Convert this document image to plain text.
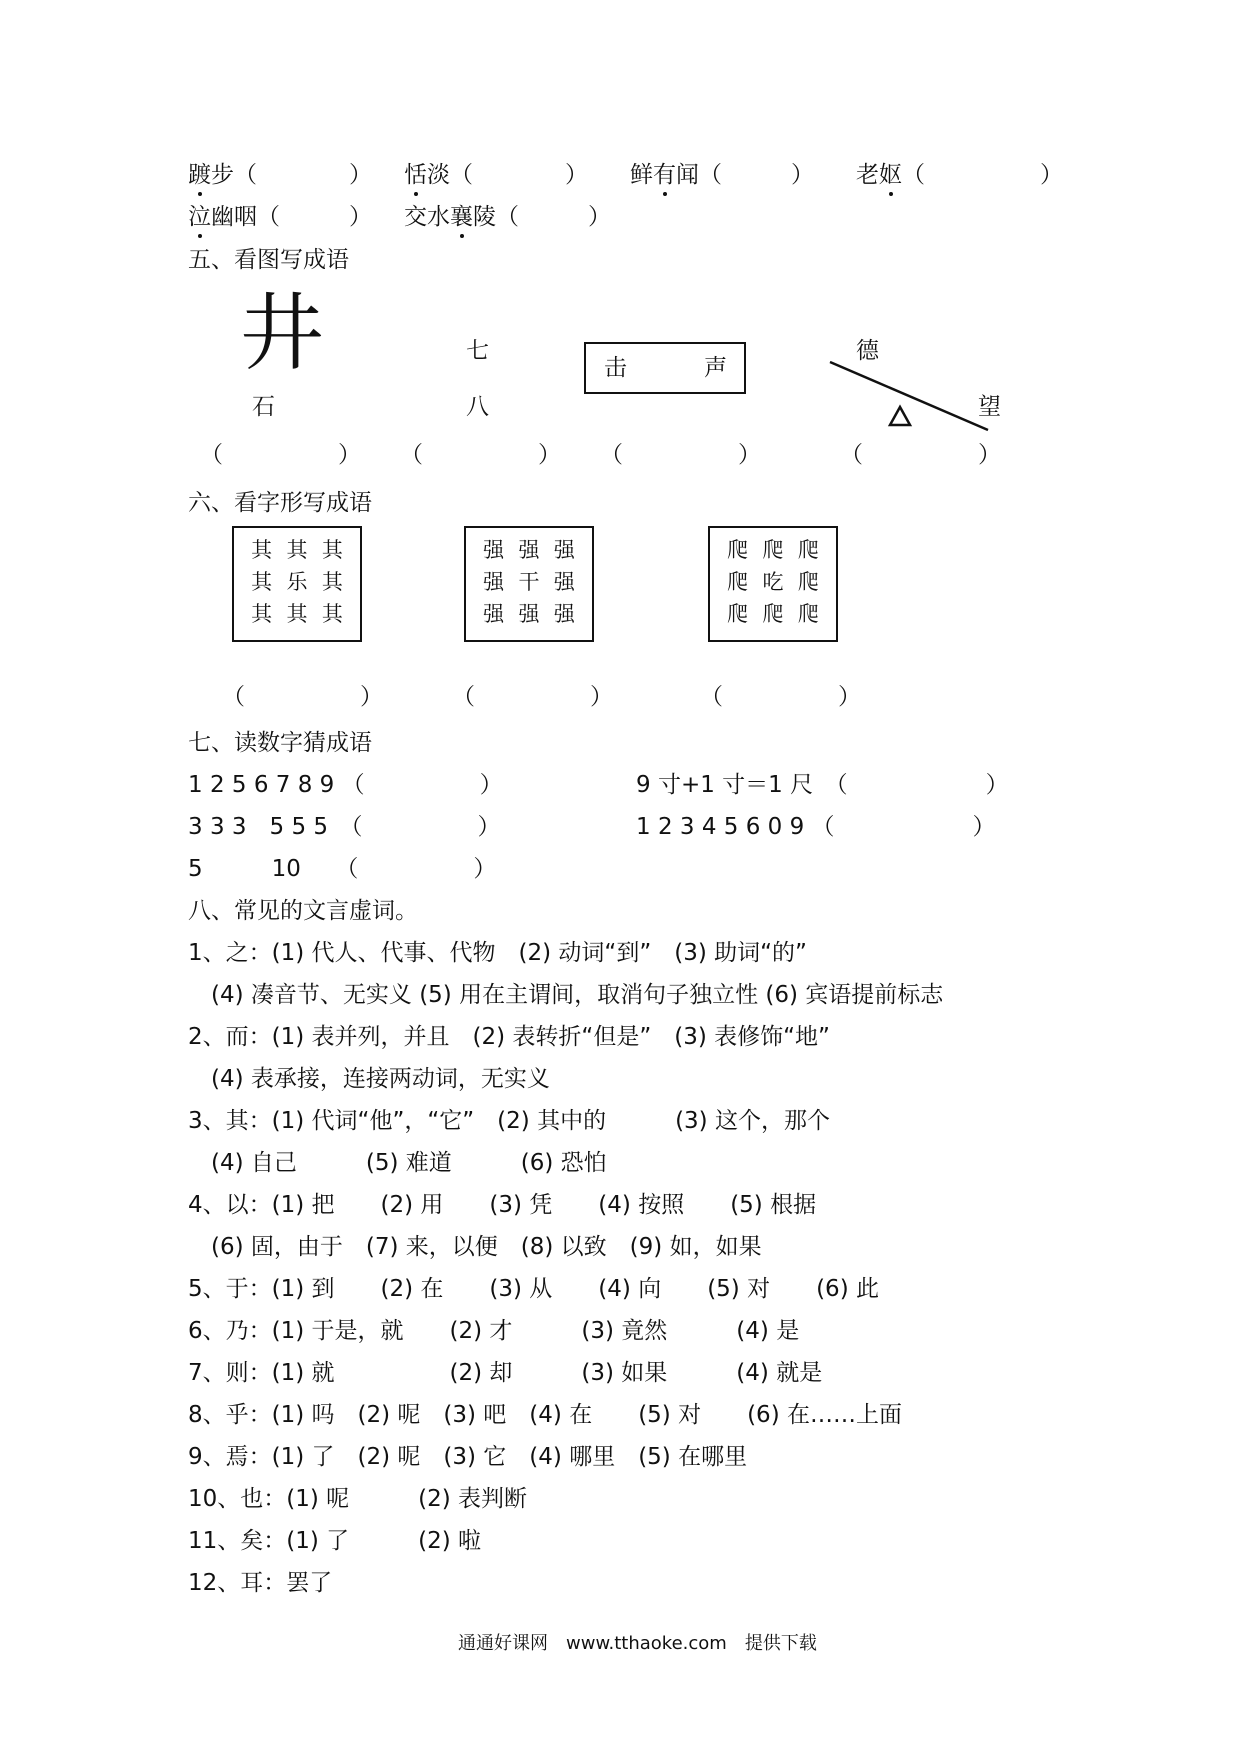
踱步（　　　　） 恬淡（　　　　） 鲜有闻（　　　） 老妪（　　　　　）
泣幽咽（　　　） 交水襄陵（　　　）
五、看图写成语
井
石
七
八
击	声
德
望
（　　　　　） （　　　　　） （　　　　　）	（　　　　　）
六、看字形写成语
其 其 其
其 乐 其
其 其 其
强 强 强
强 干 强
强 强 强
爬 爬 爬
爬 吃 爬
爬 爬 爬
（　　　　　）	（　　　　　）	（　　　　　）
七、读数字猜成语
1 2 5 6 7 8 9 （　　　　　）	9 寸+1 寸＝1 尺　（　　　　　　）
3 3 3　5 5 5　（　　　　　）	1 2 3 4 5 6 0 9 （　　　　　　）
5　　　10　　（　　　　　）
八、常见的文言虚词。
1、之：(1) 代人、代事、代物　(2) 动词“到”　(3) 助词“的”
　(4) 凑音节、无实义 (5) 用在主谓间，取消句子独立性 (6) 宾语提前标志
2、而：(1) 表并列，并且　(2) 表转折“但是”　(3) 表修饰“地”
　(4) 表承接，连接两动词，无实义
3、其：(1) 代词“他”，“它”　(2) 其中的　　　(3) 这个，那个
　(4) 自己　　　(5) 难道　　　(6) 恐怕
4、以：(1) 把　　(2) 用　　(3) 凭　　(4) 按照　　(5) 根据
　(6) 固，由于　(7) 来，以便　(8) 以致　(9) 如，如果
5、于：(1) 到　　(2) 在　　(3) 从　　(4) 向　　(5) 对　　(6) 此
6、乃：(1) 于是，就　　(2) 才　　　(3) 竟然　　　(4) 是
7、则：(1) 就　　　　　(2) 却　　　(3) 如果　　　(4) 就是
8、乎：(1) 吗　(2) 呢　(3) 吧　(4) 在　　(5) 对　　(6) 在……上面
9、焉：(1) 了　(2) 呢　(3) 它　(4) 哪里　(5) 在哪里
10、也：(1) 呢　　　(2) 表判断
11、矣：(1) 了　　　(2) 啦
12、耳：罢了
通通好课网　www.tthaoke.com　提供下载
